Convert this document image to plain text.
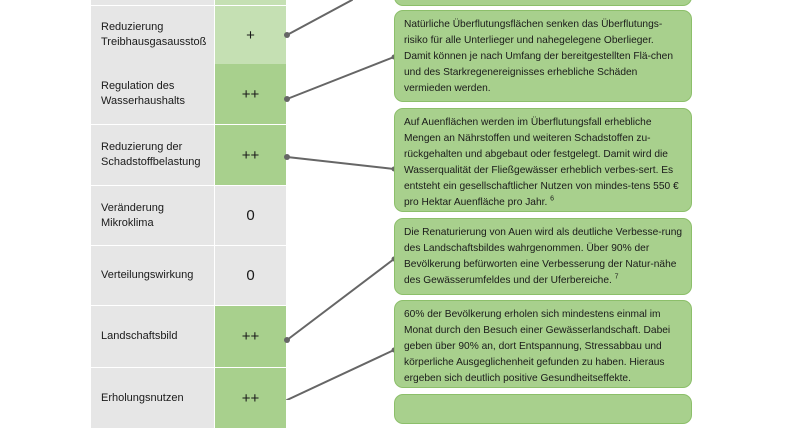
Reduzierung Treibhausgasausstoß	+
Regulation des Wasserhaushalts	++
Reduzierung der Schadstoffbelastung	++
Veränderung Mikroklima	0
Verteilungswirkung	0
Landschaftsbild	++
Erholungsnutzen	++
Natürliche Überflutungsflächen senken das Überflutungs-risiko für alle Unterlieger und nahegelegene Oberlieger. Damit können je nach Umfang der bereitgestellten Flä-chen und des Starkregenereignisses erhebliche Schäden vermieden werden.
Auf Auenflächen werden im Überflutungsfall erhebliche Mengen an Nährstoffen und weiteren Schadstoffen zu-rückgehalten und abgebaut oder festgelegt. Damit wird die Wasserqualität der Fließgewässer erheblich verbes-sert. Es entsteht ein gesellschaftlicher Nutzen von mindes-tens 550 € pro Hektar Auenfläche pro Jahr. $^6$
Die Renaturierung von Auen wird als deutliche Verbesse-rung des Landschaftsbildes wahrgenommen. Über 90% der Bevölkerung befürworten eine Verbesserung der Natur-nähe des Gewässerumfeldes und der Uferbereiche. $^7$
60% der Bevölkerung erholen sich mindestens einmal im Monat durch den Besuch einer Gewässerlandschaft. Dabei geben über 90% an, dort Entspannung, Stressabbau und körperliche Ausgeglichenheit gefunden zu haben. Hieraus ergeben sich deutlich positive Gesundheitseffekte.
